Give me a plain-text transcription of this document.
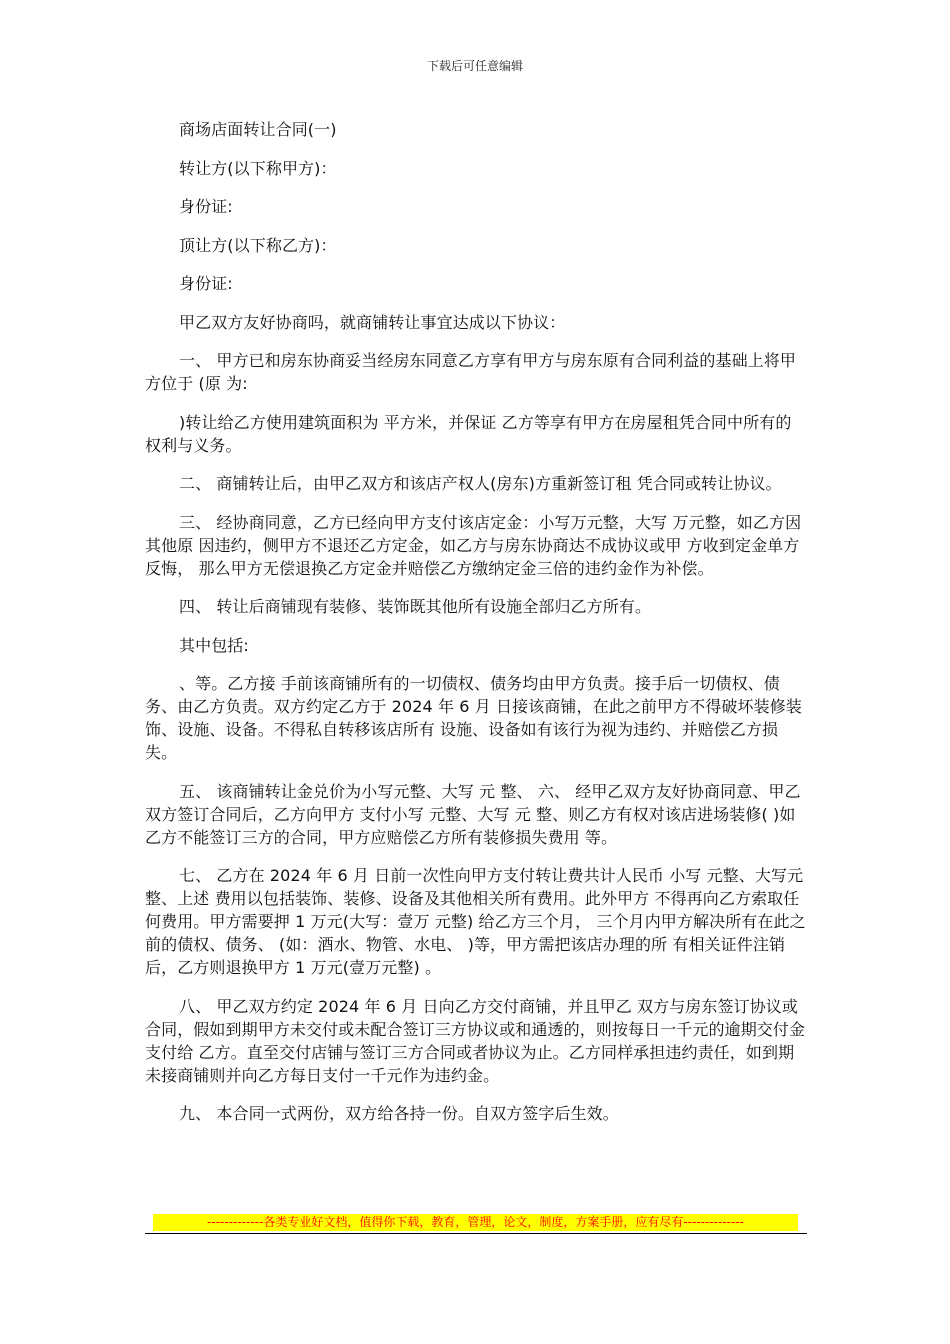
下载后可任意编辑

商场店面转让合同(一)

转让方(以下称甲方)：

身份证:

顶让方(以下称乙方)：

身份证:

甲乙双方友好协商吗，就商铺转让事宜达成以下协议：

一、 甲方已和房东协商妥当经房东同意乙方享有甲方与房东原有合同利益的基础上将甲方位于 (原 为:

)转让给乙方使用建筑面积为 平方米，并保证 乙方等享有甲方在房屋租凭合同中所有的权利与义务。

二、 商铺转让后，由甲乙双方和该店产权人(房东)方重新签订租 凭合同或转让协议。

三、 经协商同意，乙方已经向甲方支付该店定金：小写万元整，大写 万元整，如乙方因其他原 因违约，侧甲方不退还乙方定金，如乙方与房东协商达不成协议或甲 方收到定金单方反悔， 那么甲方无偿退换乙方定金并赔偿乙方缴纳定金三倍的违约金作为补偿。

四、 转让后商铺现有装修、装饰既其他所有设施全部归乙方所有。

其中包括:

、等。乙方接 手前该商铺所有的一切债权、债务均由甲方负责。接手后一切债权、债务、由乙方负责。双方约定乙方于 2024 年 6 月 日接该商铺，在此之前甲方不得破坏装修装饰、设施、设备。不得私自转移该店所有 设施、设备如有该行为视为违约、并赔偿乙方损失。

五、 该商铺转让金兑价为小写元整、大写 元 整、 六、 经甲乙双方友好协商同意、甲乙双方签订合同后，乙方向甲方 支付小写 元整、大写 元 整、则乙方有权对该店进场装修( )如 乙方不能签订三方的合同，甲方应赔偿乙方所有装修损失费用 等。

七、 乙方在 2024 年 6 月 日前一次性向甲方支付转让费共计人民币 小写 元整、大写元整、上述 费用以包括装饰、装修、设备及其他相关所有费用。此外甲方 不得再向乙方索取任何费用。甲方需要押 1 万元(大写：壹万 元整) 给乙方三个月， 三个月内甲方解决所有在此之前的债权、债务、 (如：酒水、物管、水电、 )等，甲方需把该店办理的所 有相关证件注销后，乙方则退换甲方 1 万元(壹万元整) 。

八、 甲乙双方约定 2024 年 6 月 日向乙方交付商铺，并且甲乙 双方与房东签订协议或合同，假如到期甲方未交付或未配合签订三方协议或和通透的，则按每日一千元的逾期交付金支付给 乙方。直至交付店铺与签订三方合同或者协议为止。乙方同样承担违约责任，如到期未接商铺则并向乙方每日支付一千元作为违约金。

九、 本合同一式两份，双方给各持一份。自双方签字后生效。

-------------各类专业好文档，值得你下载，教育，管理，论文，制度，方案手册，应有尽有--------------
